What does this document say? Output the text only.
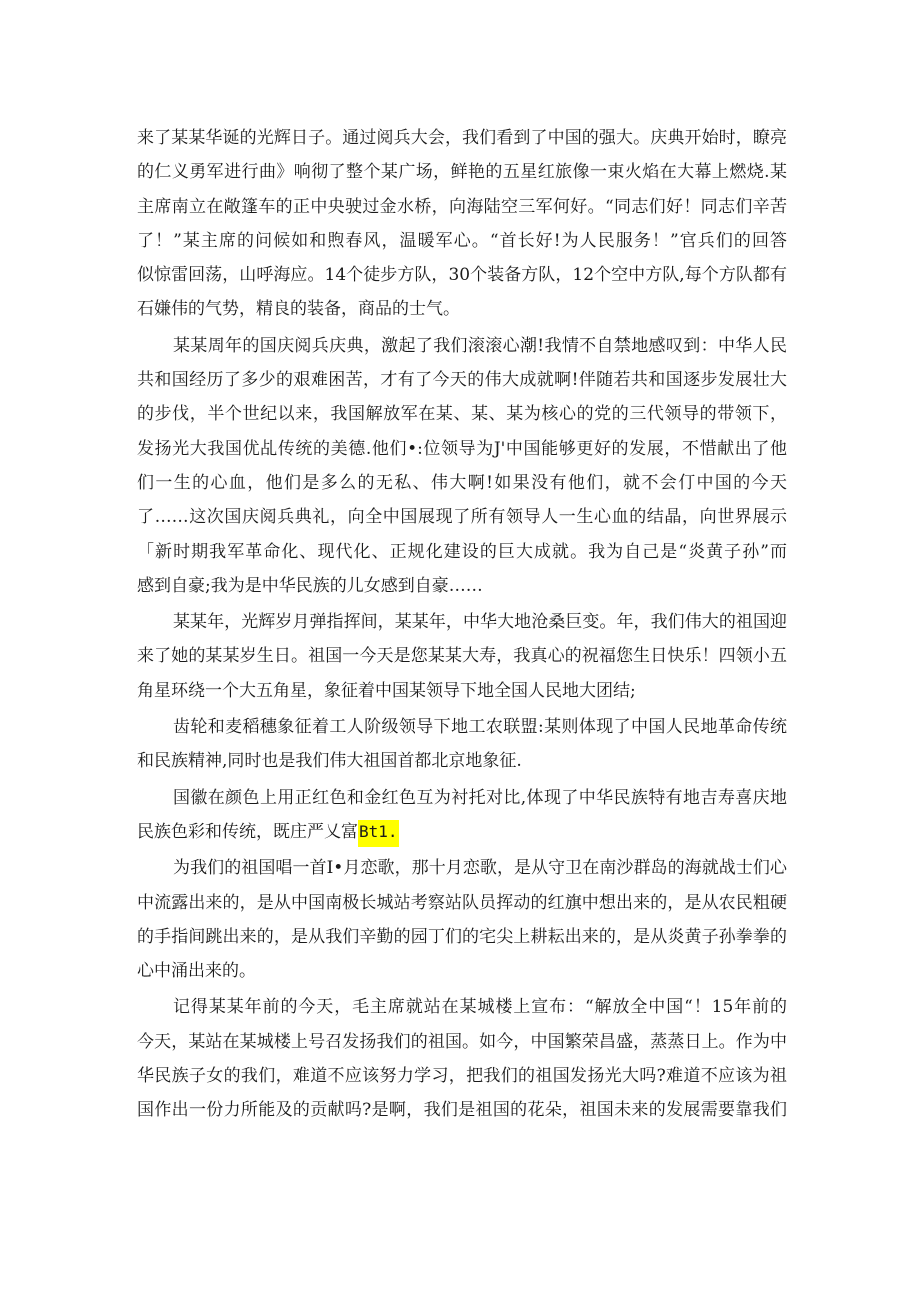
来了某某华诞的光辉日子。通过阅兵大会，我们看到了中国的强大。庆典开始时，瞭亮
的仁义勇军进行曲》响彻了整个某广场，鲜艳的五星红旅像一束火焰在大幕上燃烧.某
主席南立在敞篷车的正中央驶过金水桥，向海陆空三军何好。“同志们好！同志们辛苦
了！”某主席的问候如和煦春风，温暖军心。“首长好!为人民服务！”官兵们的回答
似惊雷回荡，山呼海应。14个徒步方队，30个装备方队，12个空中方队,每个方队都有
石嫌伟的气势，精良的装备，商品的士气。
某某周年的国庆阅兵庆典，激起了我们滚滚心潮!我情不自禁地感叹到：中华人民
共和国经历了多少的艰难困苦，才有了今天的伟大成就啊!伴随若共和国逐步发展壮大
的步伐，半个世纪以来，我国解放军在某、某、某为核心的党的三代领导的带领下，
发扬光大我国优乩传统的美德.他们•:位领导为J'中国能够更好的发展，不惜献出了他
们一生的心血，他们是多么的无私、伟大啊!如果没有他们，就不会仃中国的今天
了……这次国庆阅兵典礼，向全中国展现了所有领导人一生心血的结晶，向世界展示
「新时期我军革命化、现代化、正规化建设的巨大成就。我为自己是“炎黄子孙”而
感到自豪;我为是中华民族的儿女感到自豪……
某某年，光辉岁月弹指挥间，某某年，中华大地沧桑巨变。年，我们伟大的祖国迎
来了她的某某岁生日。祖国一今天是您某某大寿，我真心的祝福您生日快乐！四领小五
角星环绕一个大五角星，象征着中国某领导下地全国人民地大团结;
齿轮和麦稻穗象征着工人阶级领导下地工农联盟:某则体现了中国人民地革命传统
和民族精神,同时也是我们伟大祖国首都北京地象征.
国徽在颜色上用正红色和金红色互为衬托对比,体现了中华民族特有地吉寿喜庆地
民族色彩和传统，既庄严乂富Bt1.
为我们的祖国唱一首I•月恋歌，那十月恋歌，是从守卫在南沙群岛的海就战士们心
中流露出来的，是从中国南极长城站考察站队员挥动的红旗中想出来的，是从农民粗硬
的手指间跳出来的，是从我们辛勤的园丁们的宅尖上耕耘出来的，是从炎黄子孙拳拳的
心中涌出来的。
记得某某年前的今天，毛主席就站在某城楼上宣布：“解放全中国“！15年前的
今天，某站在某城楼上号召发扬我们的祖国。如今，中国繁荣昌盛，蒸蒸日上。作为中
华民族子女的我们，难道不应该努力学习，把我们的祖国发扬光大吗?难道不应该为祖
国作出一份力所能及的贡献吗?是啊，我们是祖国的花朵，祖国未来的发展需要靠我们
